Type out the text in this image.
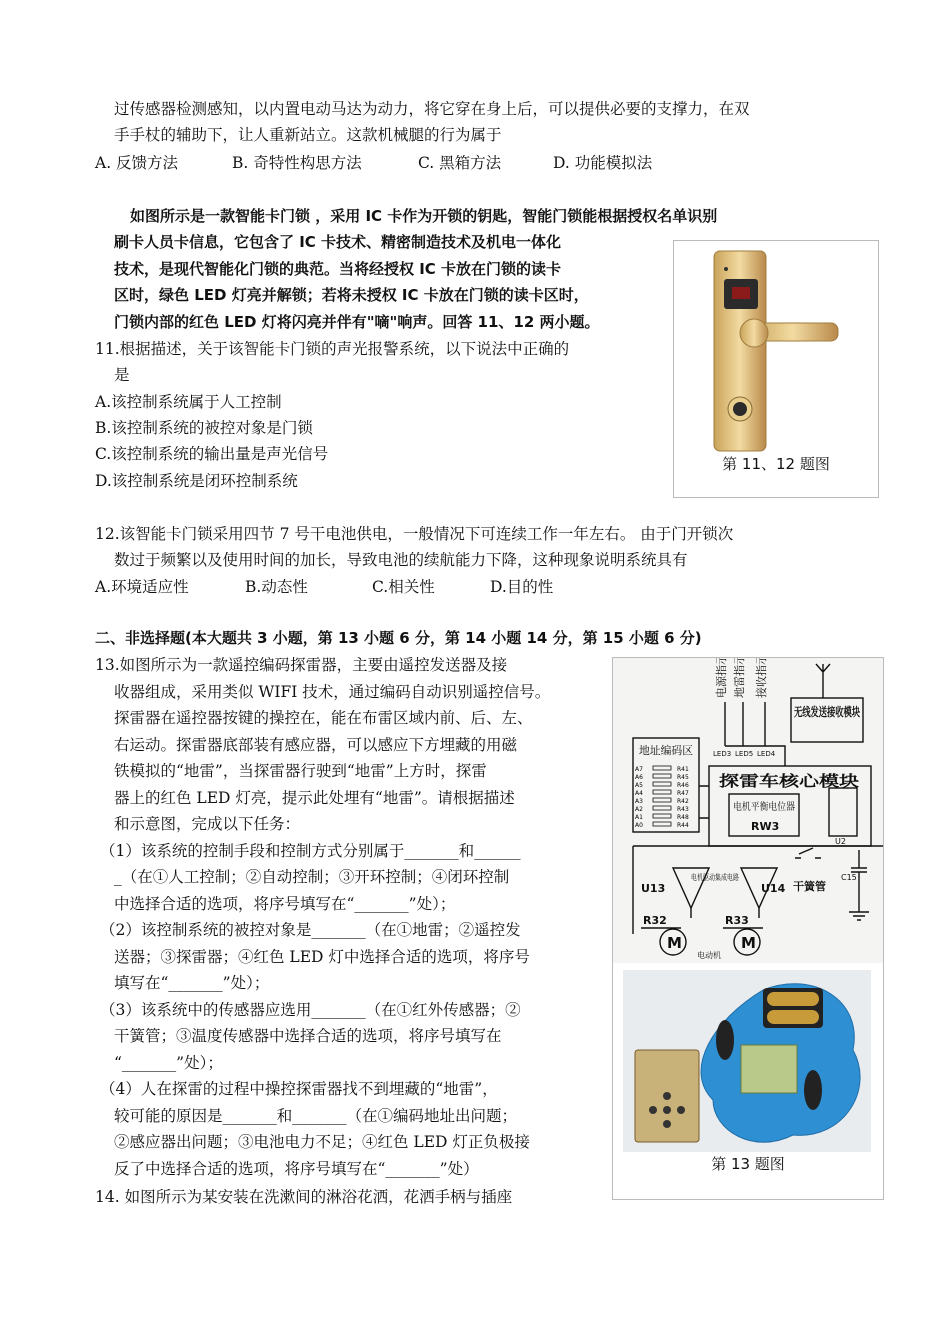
过传感器检测感知，以内置电动马达为动力，将它穿在身上后，可以提供必要的支撑力，在双
手手杖的辅助下，让人重新站立。这款机械腿的行为属于
A. 反馈方法	B. 奇特性构思方法	C. 黑箱方法	D. 功能模拟法
如图所示是一款智能卡门锁 ，采用 IC 卡作为开锁的钥匙，智能门锁能根据授权名单识别
刷卡人员卡信息，它包含了 IC 卡技术、精密制造技术及机电一体化
技术，是现代智能化门锁的典范。当将经授权 IC 卡放在门锁的读卡
区时，绿色 LED 灯亮并解锁；若将未授权 IC 卡放在门锁的读卡区时，
门锁内部的红色 LED 灯将闪亮并伴有"嘀"响声。回答 11、12 两小题。
11.根据描述，关于该智能卡门锁的声光报警系统，以下说法中正确的
是
A.该控制系统属于人工控制
B.该控制系统的被控对象是门锁
C.该控制系统的输出量是声光信号
D.该控制系统是闭环控制系统
第 11、12 题图
12.该智能卡门锁采用四节 7 号干电池供电，一般情况下可连续工作一年左右。 由于门开锁次
数过于频繁以及使用时间的加长，导致电池的续航能力下降，这种现象说明系统具有
A.环境适应性	B.动态性	C.相关性	D.目的性
二、非选择题(本大题共 3 小题，第 13 小题 6 分，第 14 小题 14 分，第 15 小题 6 分)
13.如图所示为一款遥控编码探雷器，主要由遥控发送器及接
收器组成，采用类似 WIFI 技术，通过编码自动识别遥控信号。
探雷器在遥控器按键的操控在，能在布雷区域内前、后、左、
右运动。探雷器底部装有感应器，可以感应下方埋藏的用磁
铁模拟的“地雷”，当探雷器行驶到“地雷”上方时，探雷
器上的红色 LED 灯亮，提示此处埋有“地雷”。请根据描述
和示意图，完成以下任务：
（1）该系统的控制手段和控制方式分别属于_______和______
_（在①人工控制；②自动控制；③开环控制；④闭环控制
中选择合适的选项，将序号填写在“_______”处）；
（2）该控制系统的被控对象是_______（在①地雷；②遥控发
送器；③探雷器；④红色 LED 灯中选择合适的选项，将序号
填写在“_______”处）；
（3）该系统中的传感器应选用_______（在①红外传感器；②
干簧管；③温度传感器中选择合适的选项，将序号填写在
“_______”处）；
（4）人在探雷的过程中操控探雷器找不到埋藏的“地雷”，
较可能的原因是_______和_______（在①编码地址出问题；
②感应器出问题；③电池电力不足；④红色 LED 灯正负极接
反了中选择合适的选项，将序号填写在“_______”处）
14. 如图所示为某安装在洗漱间的淋浴花洒，花洒手柄与插座
电源指示 地雷指示 接收指示
LED3 LED5 LED4
无线发送接收模块
地址编码区
探雷车核心模块
电机平衡电位器
RW3
U2
电机驱动集成电路
U13	U14 干簧管
C15
R32	R33
M	M
电动机
A7	R41
A6	R45
A5	R46
A4	R47
A3	R42
A2	R43
A1	R48
A0	R44
第 13 题图
